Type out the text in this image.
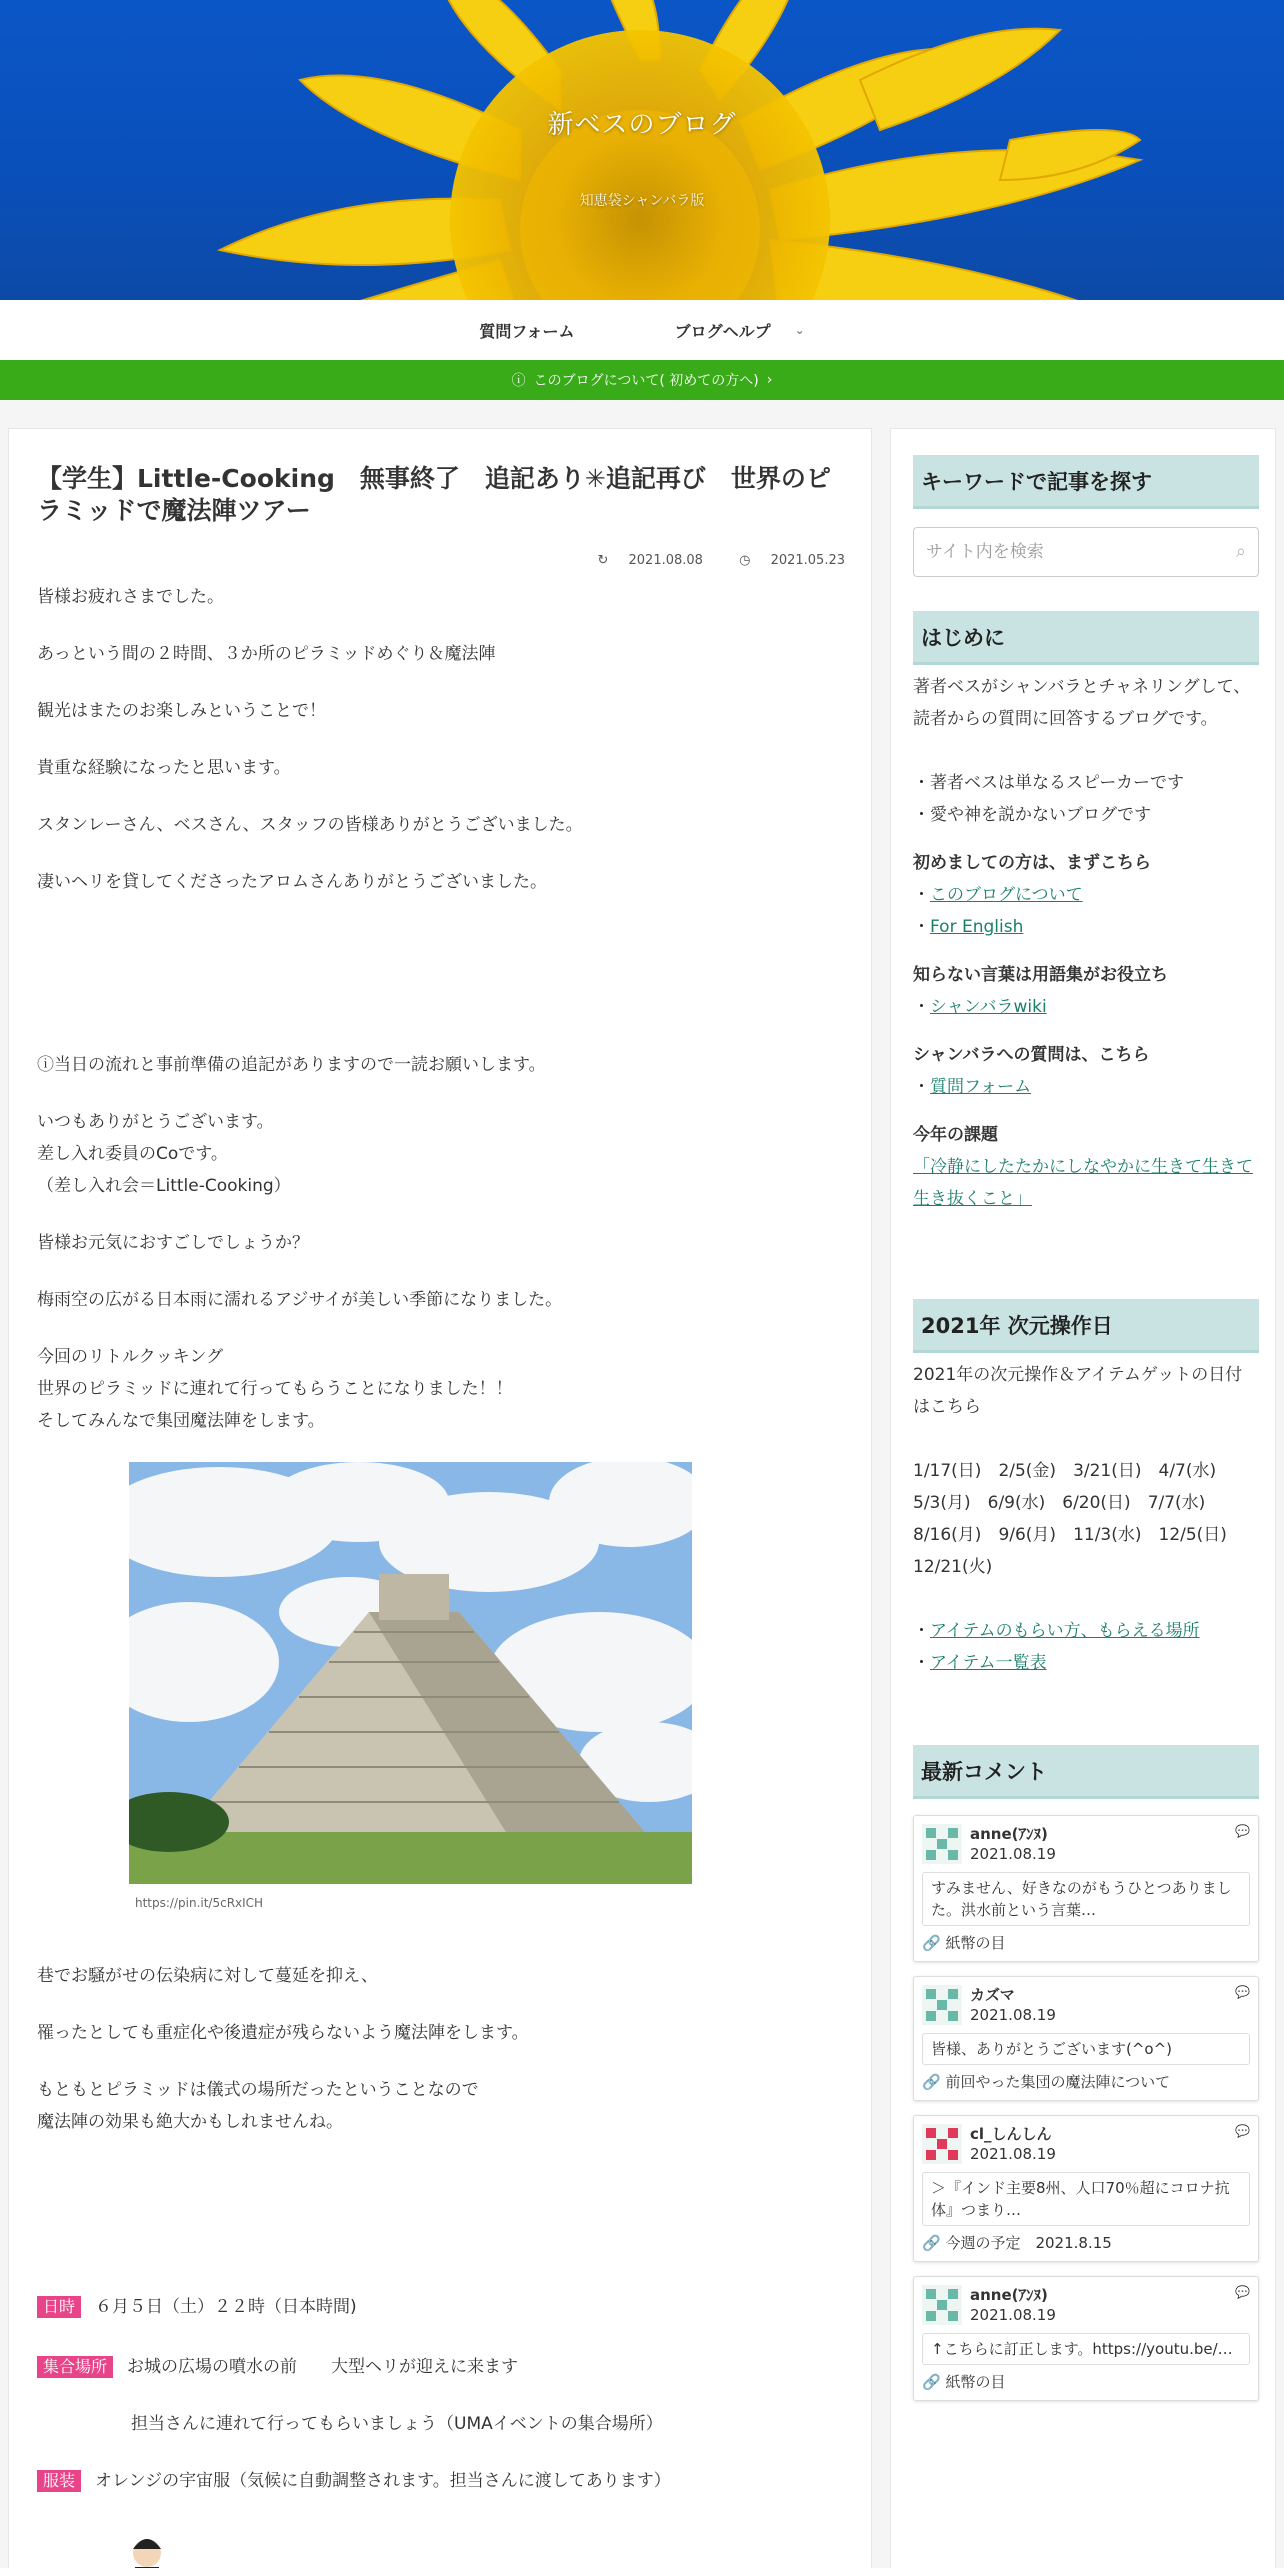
新ベスのブログ
知恵袋シャンバラ版
質問フォーム	ブログヘルプ ⌄
ⓘ このブログについて( 初めての方へ) ›
【学生】Little-Cooking　無事終了　追記あり✳追記再び　世界のピラミッドで魔法陣ツアー
↻ 2021.08.08	◷ 2021.05.23
皆様お疲れさまでした。
あっという間の２時間、３か所のピラミッドめぐり＆魔法陣
観光はまたのお楽しみということで！
貴重な経験になったと思います。
スタンレーさん、ベスさん、スタッフの皆様ありがとうございました。
凄いヘリを貸してくださったアロムさんありがとうございました。
ⓘ当日の流れと事前準備の追記がありますので一読お願いします。
いつもありがとうございます。
差し入れ委員のCoです。
（差し入れ会＝Little-Cooking）
皆様お元気におすごしでしょうか？
梅雨空の広がる日本雨に濡れるアジサイが美しい季節になりました。
今回のリトルクッキング
世界のピラミッドに連れて行ってもらうことになりました！！
そしてみんなで集団魔法陣をします。
https://pin.it/5cRxICH
巷でお騒がせの伝染病に対して蔓延を抑え、
罹ったとしても重症化や後遺症が残らないよう魔法陣をします。
もともとピラミッドは儀式の場所だったということなので
魔法陣の効果も絶大かもしれませんね。
日時 ６月５日（土）２２時（日本時間)
集合場所 お城の広場の噴水の前　　大型ヘリが迎えに来ます
担当さんに連れて行ってもらいましょう（UMAイベントの集合場所）
服装 オレンジの宇宙服（気候に自動調整されます。担当さんに渡してあります）
キーワードで記事を探す
サイト内を検索	⌕
はじめに
著者ベスがシャンバラとチャネリングして、読者からの質問に回答するブログです。
・著者ベスは単なるスピーカーです
・愛や神を説かないブログです
初めましての方は、まずこちら
・このブログについて
・For English
知らない言葉は用語集がお役立ち
・シャンバラwiki
シャンバラへの質問は、こちら
・質問フォーム
今年の課題
「冷静にしたたかにしなやかに生きて生きて生き抜くこと」
2021年 次元操作日
2021年の次元操作＆アイテムゲットの日付はこちら
1/17(日)　2/5(金)　3/21(日)　4/7(水)
5/3(月)　6/9(水)　6/20(日)　7/7(水)
8/16(月)　9/6(月)　11/3(水)　12/5(日)
12/21(火)
・アイテムのもらい方、もらえる場所
・アイテム一覧表
最新コメント
💬
anne(ｱﾝﾇ)
2021.08.19
すみません、好きなのがもうひとつありました。洪水前という言葉…
🔗 紙幣の目
💬
カズマ
2021.08.19
皆様、ありがとうございます(^o^)
🔗 前回やった集団の魔法陣について
💬
cl_しんしん
2021.08.19
＞『インド主要8州、人口70％超にコロナ抗体』つまり…
🔗 今週の予定　2021.8.15
💬
anne(ｱﾝﾇ)
2021.08.19
↑こちらに訂正します。https://youtu.be/…
🔗 紙幣の目
